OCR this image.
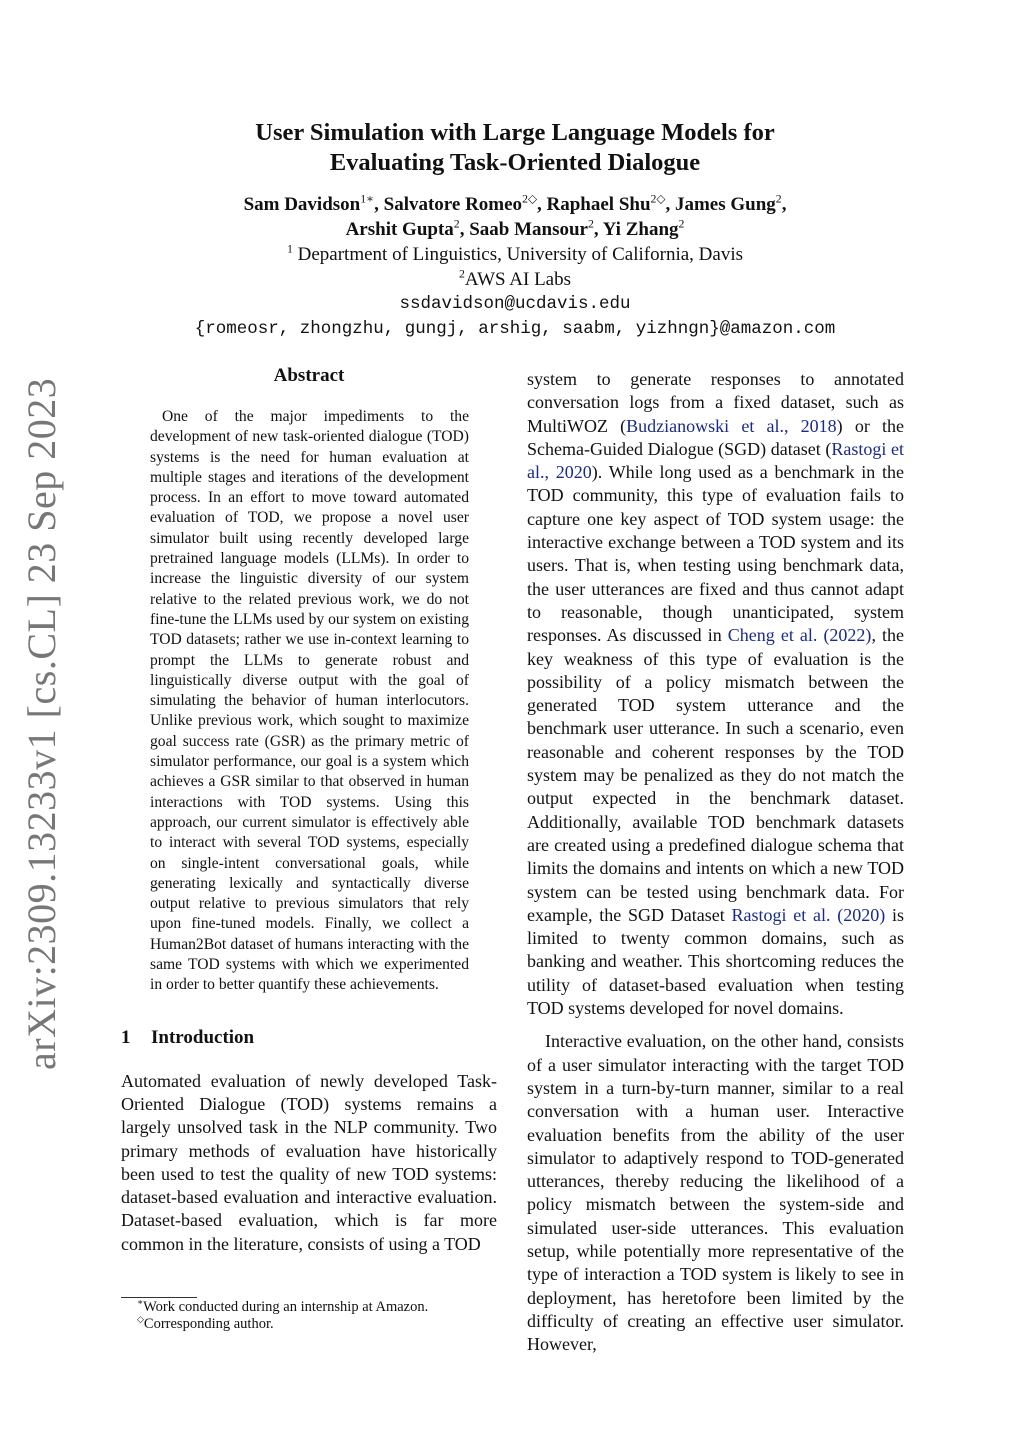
arXiv:2309.13233v1 [cs.CL] 23 Sep 2023
User Simulation with Large Language Models for
Evaluating Task-Oriented Dialogue
Sam Davidson$^{1∗}$, Salvatore Romeo$^{2◇}$, Raphael Shu$^{2◇}$, James Gung$^2$,
Arshit Gupta$^2$, Saab Mansour$^2$, Yi Zhang$^2$
$^1$ Department of Linguistics, University of California, Davis
$^2$AWS AI Labs
ssdavidson@ucdavis.edu
{romeosr, zhongzhu, gungj, arshig, saabm, yizhngn}@amazon.com
Abstract

One of the major impediments to the development of new task-oriented dialogue (TOD) systems is the need for human evaluation at multiple stages and iterations of the development process. In an effort to move toward automated evaluation of TOD, we propose a novel user simulator built using recently developed large pretrained language models (LLMs). In order to increase the linguistic diversity of our system relative to the related previous work, we do not fine-tune the LLMs used by our system on existing TOD datasets; rather we use in-context learning to prompt the LLMs to generate robust and linguistically diverse output with the goal of simulating the behavior of human interlocutors. Unlike previous work, which sought to maximize goal success rate (GSR) as the primary metric of simulator performance, our goal is a system which achieves a GSR similar to that observed in human interactions with TOD systems. Using this approach, our current simulator is effectively able to interact with several TOD systems, especially on single-intent conversational goals, while generating lexically and syntactically diverse output relative to previous simulators that rely upon fine-tuned models. Finally, we collect a Human2Bot dataset of humans interacting with the same TOD systems with which we experimented in order to better quantify these achievements.

1 Introduction

Automated evaluation of newly developed Task-Oriented Dialogue (TOD) systems remains a largely unsolved task in the NLP community. Two primary methods of evaluation have historically been used to test the quality of new TOD systems: dataset-based evaluation and interactive evaluation. Dataset-based evaluation, which is far more common in the literature, consists of using a TOD

system to generate responses to annotated conversation logs from a fixed dataset, such as MultiWOZ (Budzianowski et al., 2018) or the Schema-Guided Dialogue (SGD) dataset (Rastogi et al., 2020). While long used as a benchmark in the TOD community, this type of evaluation fails to capture one key aspect of TOD system usage: the interactive exchange between a TOD system and its users. That is, when testing using benchmark data, the user utterances are fixed and thus cannot adapt to reasonable, though unanticipated, system responses. As discussed in Cheng et al. (2022), the key weakness of this type of evaluation is the possibility of a policy mismatch between the generated TOD system utterance and the benchmark user utterance. In such a scenario, even reasonable and coherent responses by the TOD system may be penalized as they do not match the output expected in the benchmark dataset. Additionally, available TOD benchmark datasets are created using a predefined dialogue schema that limits the domains and intents on which a new TOD system can be tested using benchmark data. For example, the SGD Dataset Rastogi et al. (2020) is limited to twenty common domains, such as banking and weather. This shortcoming reduces the utility of dataset-based evaluation when testing TOD systems developed for novel domains.

Interactive evaluation, on the other hand, consists of a user simulator interacting with the target TOD system in a turn-by-turn manner, similar to a real conversation with a human user. Interactive evaluation benefits from the ability of the user simulator to adaptively respond to TOD-generated utterances, thereby reducing the likelihood of a policy mismatch between the system-side and simulated user-side utterances. This evaluation setup, while potentially more representative of the type of interaction a TOD system is likely to see in deployment, has heretofore been limited by the difficulty of creating an effective user simulator. However,

∗Work conducted during an internship at Amazon.
◇Corresponding author.
